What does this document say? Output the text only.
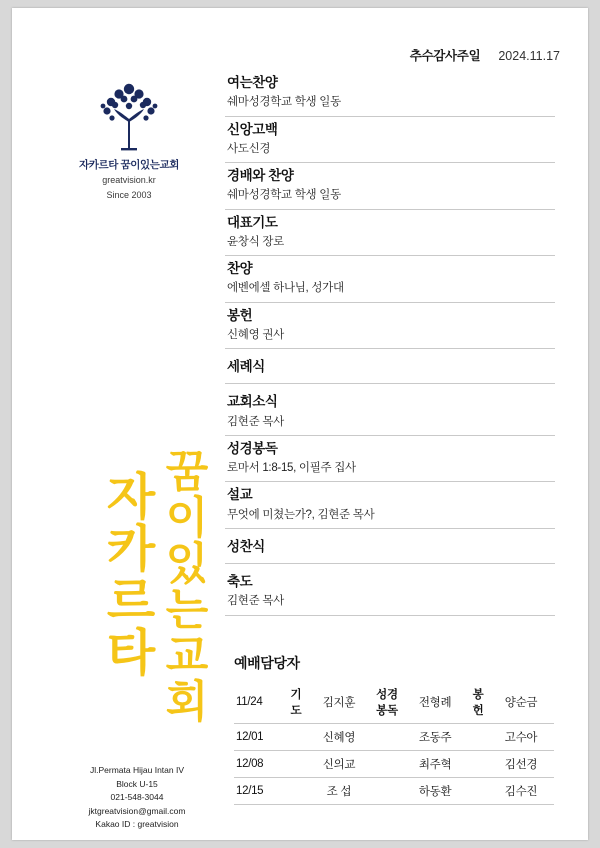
추수감사주일 2024.11.17
자카르타 꿈이있는교회
greatvision.kr
Since 2003
여는찬양
쉐마성경학교 학생 일동
신앙고백
사도신경
경배와 찬양
쉐마성경학교 학생 일동
대표기도
윤창식 장로
찬양
에벤에셀 하나님, 성가대
봉헌
신혜영 권사
세례식
교회소식
김현준 목사
성경봉독
로마서 1:8-15, 이필주 집사
설교
무엇에 미쳤는가?, 김현준 목사
성찬식
축도
김현준 목사
꿈이있는교회
자카르타
Jl.Permata Hijau Intan IV
Block U-15
021-548-3044
jktgreatvision@gmail.com
Kakao ID : greatvision
예배담당자
11/24	기도	김지훈	성경봉독	전형례	봉헌	양순금
12/01		신혜영		조동주		고수아
12/08		신의교		최주혁		김선경
12/15		조 섭		하동환		김수진
